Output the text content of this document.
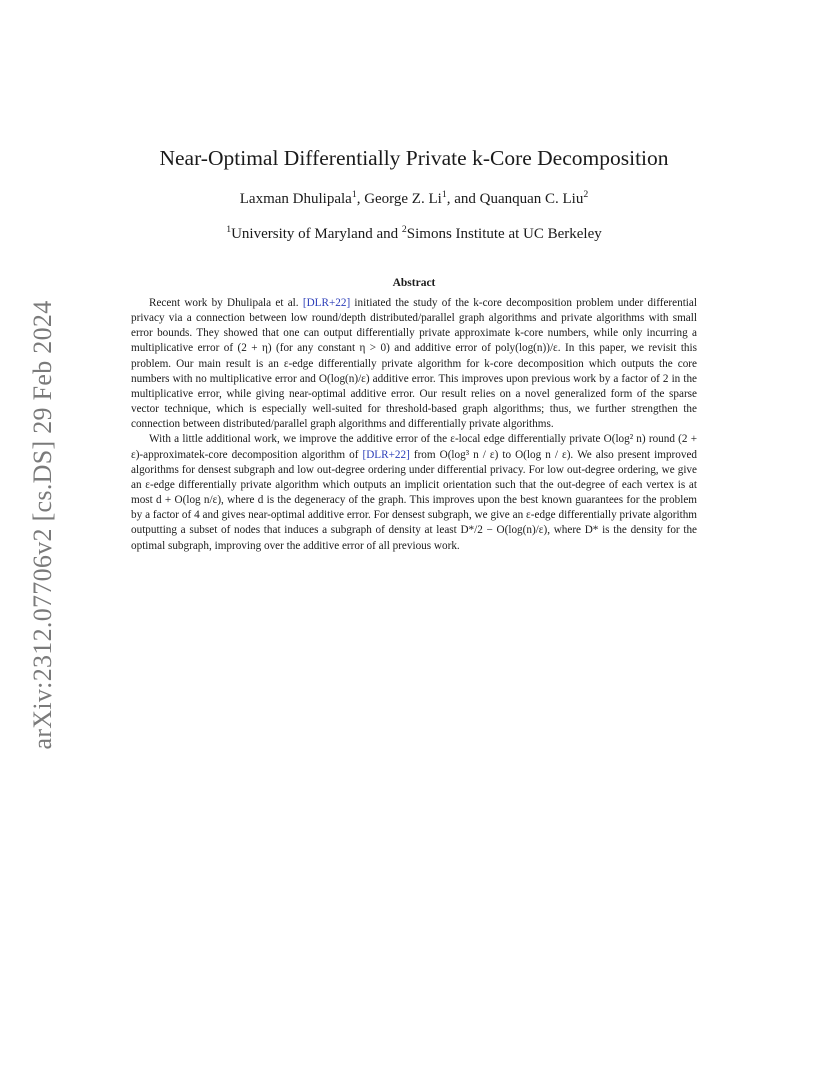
arXiv:2312.07706v2 [cs.DS] 29 Feb 2024
Near-Optimal Differentially Private k-Core Decomposition
Laxman Dhulipala$^1$, George Z. Li$^1$, and Quanquan C. Liu$^2$
$^1$University of Maryland and $^2$Simons Institute at UC Berkeley
Abstract

Recent work by Dhulipala et al. [DLR+22] initiated the study of the k-core decomposition problem under differential privacy via a connection between low round/depth distributed/parallel graph algorithms and private algorithms with small error bounds. They showed that one can output differentially private approximate k-core numbers, while only incurring a multiplicative error of (2 + η) (for any constant η > 0) and additive error of poly(log(n))/ε. In this paper, we revisit this problem. Our main result is an ε-edge differentially private algorithm for k-core decomposition which outputs the core numbers with no multiplicative error and O(log(n)/ε) additive error. This improves upon previous work by a factor of 2 in the multiplicative error, while giving near-optimal additive error. Our result relies on a novel generalized form of the sparse vector technique, which is especially well-suited for threshold-based graph algorithms; thus, we further strengthen the connection between distributed/parallel graph algorithms and differentially private algorithms.

With a little additional work, we improve the additive error of the ε-local edge differentially private O(log² n) round (2 + ε)-approximatek-core decomposition algorithm of [DLR+22] from O(log³ n / ε) to O(log n / ε). We also present improved algorithms for densest subgraph and low out-degree ordering under differential privacy. For low out-degree ordering, we give an ε-edge differentially private algorithm which outputs an implicit orientation such that the out-degree of each vertex is at most d + O(log n/ε), where d is the degeneracy of the graph. This improves upon the best known guarantees for the problem by a factor of 4 and gives near-optimal additive error. For densest subgraph, we give an ε-edge differentially private algorithm outputting a subset of nodes that induces a subgraph of density at least D*/2 − O(log(n)/ε), where D* is the density for the optimal subgraph, improving over the additive error of all previous work.
